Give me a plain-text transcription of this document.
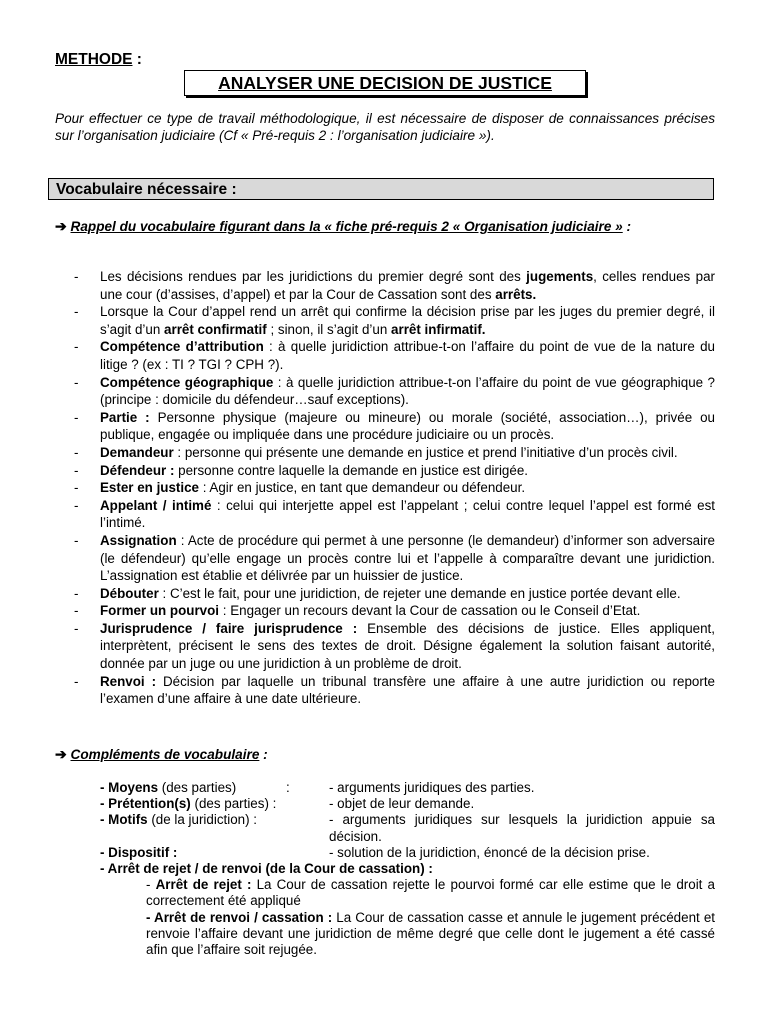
METHODE :
ANALYSER UNE DECISION DE JUSTICE
Pour effectuer ce type de travail méthodologique, il est nécessaire de disposer de connaissances précises sur l’organisation judiciaire (Cf « Pré-requis 2 : l’organisation judiciaire »).
Vocabulaire nécessaire :
➔ Rappel du vocabulaire figurant dans la « fiche pré-requis 2 « Organisation judiciaire » :
- Les décisions rendues par les juridictions du premier degré sont des jugements, celles rendues par une cour (d’assises, d’appel) et par la Cour de Cassation sont des arrêts.
- Lorsque la Cour d’appel rend un arrêt qui confirme la décision prise par les juges du premier degré, il s’agit d’un arrêt confirmatif ; sinon, il s’agit d’un arrêt infirmatif.
- Compétence d’attribution : à quelle juridiction attribue-t-on l’affaire du point de vue de la nature du litige ? (ex : TI ? TGI ? CPH ?).
- Compétence géographique : à quelle juridiction attribue-t-on l’affaire du point de vue géographique ? (principe : domicile du défendeur…sauf exceptions).
- Partie : Personne physique (majeure ou mineure) ou morale (société, association…), privée ou publique, engagée ou impliquée dans une procédure judiciaire ou un procès.
- Demandeur : personne qui présente une demande en justice et prend l’initiative d’un procès civil.
- Défendeur : personne contre laquelle la demande en justice est dirigée.
- Ester en justice : Agir en justice, en tant que demandeur ou défendeur.
- Appelant / intimé : celui qui interjette appel est l’appelant ; celui contre lequel l’appel est formé est l’intimé.
- Assignation : Acte de procédure qui permet à une personne (le demandeur) d’informer son adversaire (le défendeur) qu’elle engage un procès contre lui et l’appelle à comparaître devant une juridiction. L’assignation est établie et délivrée par un huissier de justice.
- Débouter : C’est le fait, pour une juridiction, de rejeter une demande en justice portée devant elle.
- Former un pourvoi : Engager un recours devant la Cour de cassation ou le Conseil d’Etat.
- Jurisprudence / faire jurisprudence : Ensemble des décisions de justice. Elles appliquent, interprètent, précisent le sens des textes de droit. Désigne également la solution faisant autorité, donnée par un juge ou une juridiction à un problème de droit.
- Renvoi : Décision par laquelle un tribunal transfère une affaire à une autre juridiction ou reporte l’examen d’une affaire à une date ultérieure.
➔ Compléments de vocabulaire :
- Moyens (des parties)	:	- arguments juridiques des parties.
- Prétention(s) (des parties) :	- objet de leur demande.
- Motifs (de la juridiction) :	- arguments juridiques sur lesquels la juridiction appuie sa décision.
- Dispositif :	- solution de la juridiction, énoncé de la décision prise.
- Arrêt de rejet / de renvoi (de la Cour de cassation) :
- Arrêt de rejet : La Cour de cassation rejette le pourvoi formé car elle estime que le droit a correctement été appliqué
- Arrêt de renvoi / cassation : La Cour de cassation casse et annule le jugement précédent et renvoie l’affaire devant une juridiction de même degré que celle dont le jugement a été cassé afin que l’affaire soit rejugée.
